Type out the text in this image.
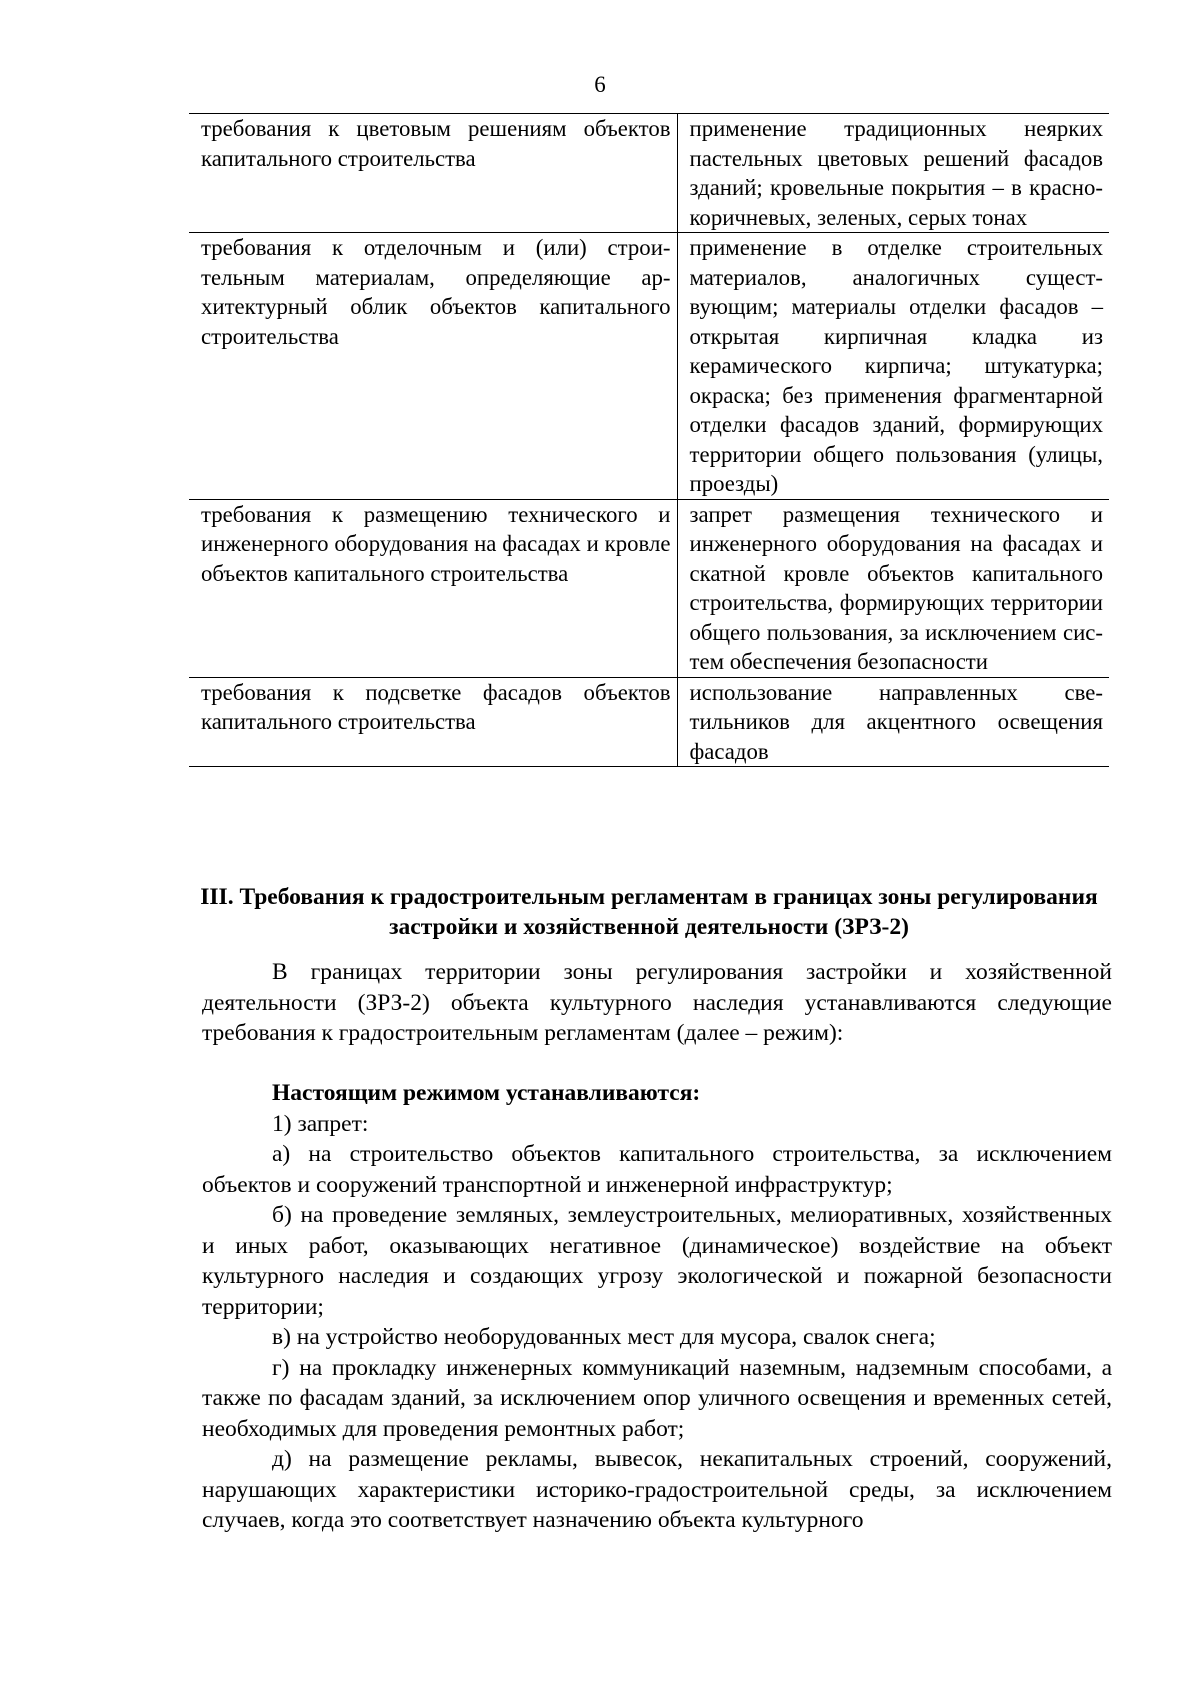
6
требования к цветовым решениям объектов капитального строительства	применение традиционных неярких пастельных цветовых решений фасадов зданий; кровельные покрытия – в красно-коричневых, зеленых, серых тонах
требования к отделочным и (или) строительным материалам, определяющие архитектурный облик объектов капитального строительства	применение в отделке строительных материалов, аналогичных существующим; материалы отделки фасадов – открытая кирпичная кладка из керамического кирпича; штукатурка; окраска; без применения фрагментарной отделки фасадов зданий, формирующих территории общего пользования (улицы, проезды)
требования к размещению технического и инженерного оборудования на фасадах и кровле объектов капитального строительства	запрет размещения технического и инженерного оборудования на фасадах и скатной кровле объектов капитального строительства, формирующих территории общего пользования, за исключением систем обеспечения безопасности
требования к подсветке фасадов объектов капитального строительства	использование направленных светильников для акцентного освещения фасадов
III. Требования к градостроительным регламентам в границах зоны регулирования застройки и хозяйственной деятельности (ЗРЗ-2)

В границах территории зоны регулирования застройки и хозяйственной деятельности (ЗРЗ-2) объекта культурного наследия устанавливаются следующие требования к градостроительным регламентам (далее – режим):

Настоящим режимом устанавливаются:

1) запрет:

а) на строительство объектов капитального строительства, за исключением объектов и сооружений транспортной и инженерной инфраструктур;

б) на проведение земляных, землеустроительных, мелиоративных, хозяйственных и иных работ, оказывающих негативное (динамическое) воздействие на объект культурного наследия и создающих угрозу экологической и пожарной безопасности территории;

в) на устройство необорудованных мест для мусора, свалок снега;

г) на прокладку инженерных коммуникаций наземным, надземным способами, а также по фасадам зданий, за исключением опор уличного освещения и временных сетей, необходимых для проведения ремонтных работ;

д) на размещение рекламы, вывесок, некапитальных строений, сооружений, нарушающих характеристики историко-градостроительной среды, за исключением случаев, когда это соответствует назначению объекта культурного
